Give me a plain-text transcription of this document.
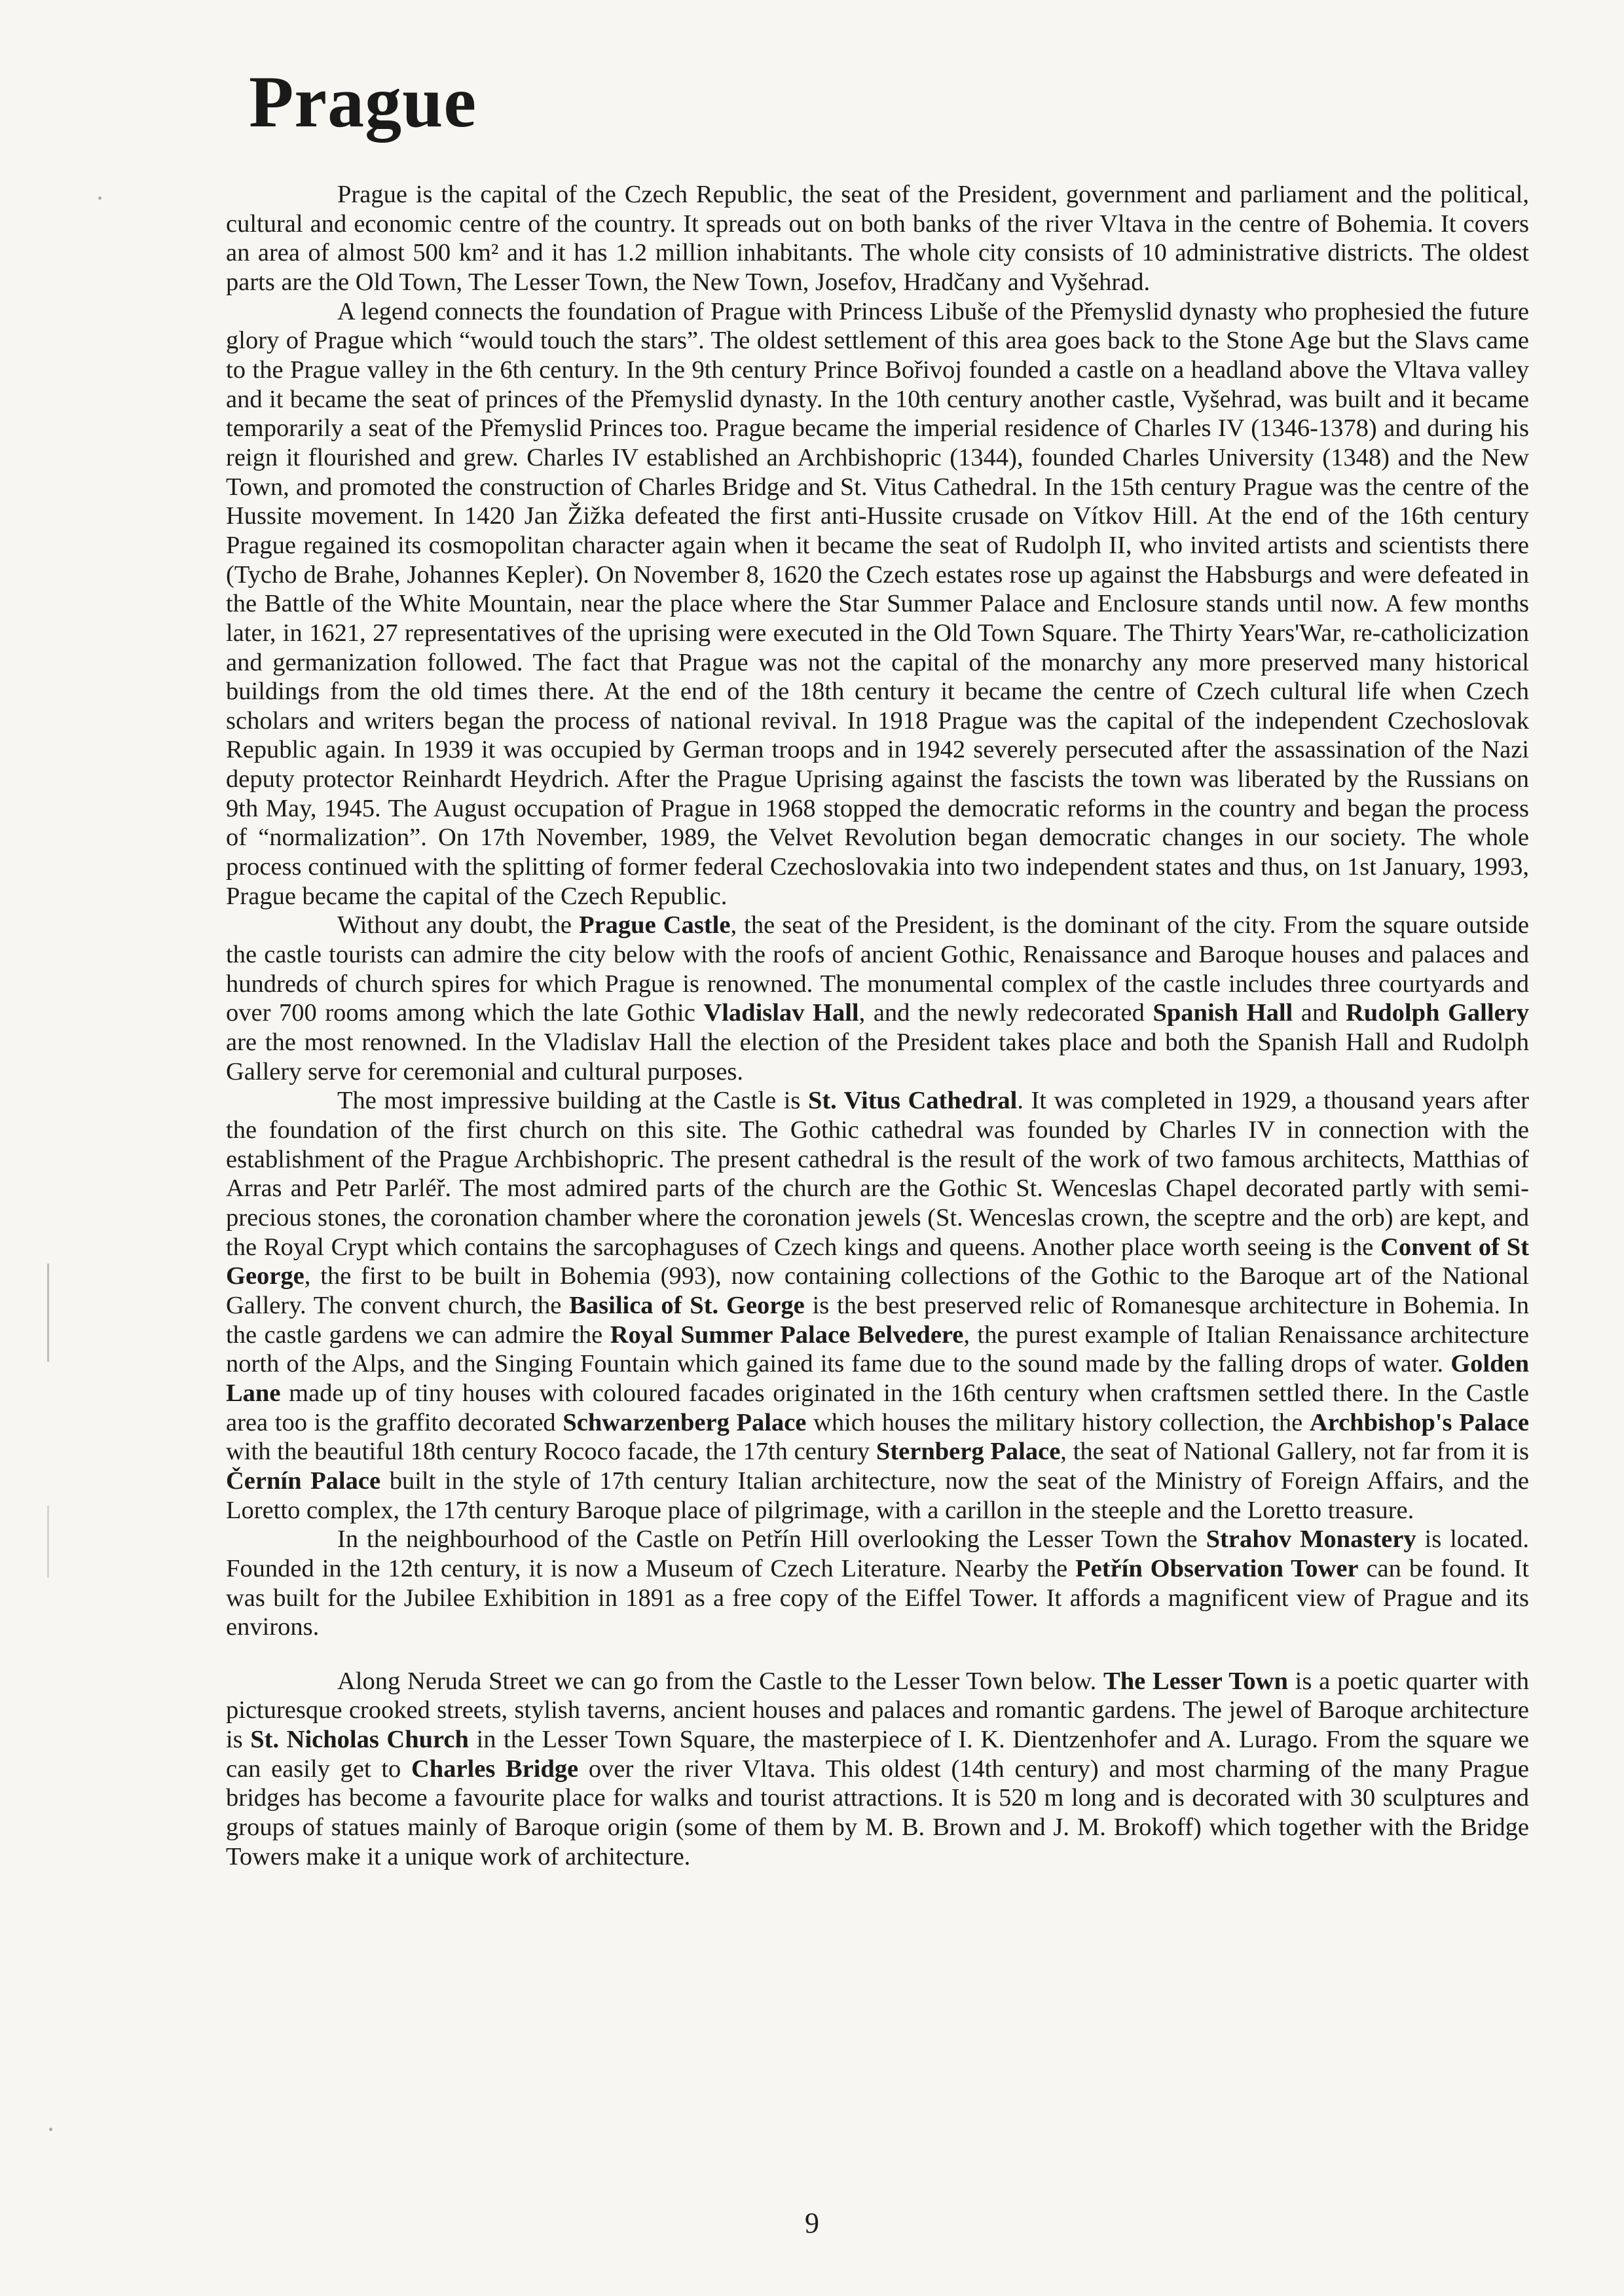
Prague

Prague is the capital of the Czech Republic, the seat of the President, government and parliament and the political, cultural and economic centre of the country. It spreads out on both banks of the river Vltava in the centre of Bohemia. It covers an area of almost 500 km² and it has 1.2 million inhabitants. The whole city consists of 10 administrative districts. The oldest parts are the Old Town, The Lesser Town, the New Town, Josefov, Hradčany and Vyšehrad.

A legend connects the foundation of Prague with Princess Libuše of the Přemyslid dynasty who prophesied the future glory of Prague which “would touch the stars”. The oldest settlement of this area goes back to the Stone Age but the Slavs came to the Prague valley in the 6th century. In the 9th century Prince Bořivoj founded a castle on a headland above the Vltava valley and it became the seat of princes of the Přemyslid dynasty. In the 10th century another castle, Vyšehrad, was built and it became temporarily a seat of the Přemyslid Princes too. Prague became the imperial residence of Charles IV (1346-1378) and during his reign it flourished and grew. Charles IV established an Archbishopric (1344), founded Charles University (1348) and the New Town, and promoted the construction of Charles Bridge and St. Vitus Cathedral. In the 15th century Prague was the centre of the Hussite movement. In 1420 Jan Žižka defeated the first anti-Hussite crusade on Vítkov Hill. At the end of the 16th century Prague regained its cosmopolitan character again when it became the seat of Rudolph II, who invited artists and scientists there (Tycho de Brahe, Johannes Kepler). On November 8, 1620 the Czech estates rose up against the Habsburgs and were defeated in the Battle of the White Mountain, near the place where the Star Summer Palace and Enclosure stands until now. A few months later, in 1621, 27 representatives of the uprising were executed in the Old Town Square. The Thirty Years'War, re-catholicization and germanization followed. The fact that Prague was not the capital of the monarchy any more preserved many historical buildings from the old times there. At the end of the 18th century it became the centre of Czech cultural life when Czech scholars and writers began the process of national revival. In 1918 Prague was the capital of the independent Czechoslovak Republic again. In 1939 it was occupied by German troops and in 1942 severely persecuted after the assassination of the Nazi deputy protector Reinhardt Heydrich. After the Prague Uprising against the fascists the town was liberated by the Russians on 9th May, 1945. The August occupation of Prague in 1968 stopped the democratic reforms in the country and began the process of “normalization”. On 17th November, 1989, the Velvet Revolution began democratic changes in our society. The whole process continued with the splitting of former federal Czechoslovakia into two independent states and thus, on 1st January, 1993, Prague became the capital of the Czech Republic.

Without any doubt, the Prague Castle, the seat of the President, is the dominant of the city. From the square outside the castle tourists can admire the city below with the roofs of ancient Gothic, Renaissance and Baroque houses and palaces and hundreds of church spires for which Prague is renowned. The monumental complex of the castle includes three courtyards and over 700 rooms among which the late Gothic Vladislav Hall, and the newly redecorated Spanish Hall and Rudolph Gallery are the most renowned. In the Vladislav Hall the election of the President takes place and both the Spanish Hall and Rudolph Gallery serve for ceremonial and cultural purposes.

The most impressive building at the Castle is St. Vitus Cathedral. It was completed in 1929, a thousand years after the foundation of the first church on this site. The Gothic cathedral was founded by Charles IV in connection with the establishment of the Prague Archbishopric. The present cathedral is the result of the work of two famous architects, Matthias of Arras and Petr Parléř. The most admired parts of the church are the Gothic St. Wenceslas Chapel decorated partly with semi-precious stones, the coronation chamber where the coronation jewels (St. Wenceslas crown, the sceptre and the orb) are kept, and the Royal Crypt which contains the sarcophaguses of Czech kings and queens. Another place worth seeing is the Convent of St George, the first to be built in Bohemia (993), now containing collections of the Gothic to the Baroque art of the National Gallery. The convent church, the Basilica of St. George is the best preserved relic of Romanesque architecture in Bohemia. In the castle gardens we can admire the Royal Summer Palace Belvedere, the purest example of Italian Renaissance architecture north of the Alps, and the Singing Fountain which gained its fame due to the sound made by the falling drops of water. Golden Lane made up of tiny houses with coloured facades originated in the 16th century when craftsmen settled there. In the Castle area too is the graffito decorated Schwarzenberg Palace which houses the military history collection, the Archbishop's Palace with the beautiful 18th century Rococo facade, the 17th century Sternberg Palace, the seat of National Gallery, not far from it is Černín Palace built in the style of 17th century Italian architecture, now the seat of the Ministry of Foreign Affairs, and the Loretto complex, the 17th century Baroque place of pilgrimage, with a carillon in the steeple and the Loretto treasure.

In the neighbourhood of the Castle on Petřín Hill overlooking the Lesser Town the Strahov Monastery is located. Founded in the 12th century, it is now a Museum of Czech Literature. Nearby the Petřín Observation Tower can be found. It was built for the Jubilee Exhibition in 1891 as a free copy of the Eiffel Tower. It affords a magnificent view of Prague and its environs.

Along Neruda Street we can go from the Castle to the Lesser Town below. The Lesser Town is a poetic quarter with picturesque crooked streets, stylish taverns, ancient houses and palaces and romantic gardens. The jewel of Baroque architecture is St. Nicholas Church in the Lesser Town Square, the masterpiece of I. K. Dientzenhofer and A. Lurago. From the square we can easily get to Charles Bridge over the river Vltava. This oldest (14th century) and most charming of the many Prague bridges has become a favourite place for walks and tourist attractions. It is 520 m long and is decorated with 30 sculptures and groups of statues mainly of Baroque origin (some of them by M. B. Brown and J. M. Brokoff) which together with the Bridge Towers make it a unique work of architecture.

9
